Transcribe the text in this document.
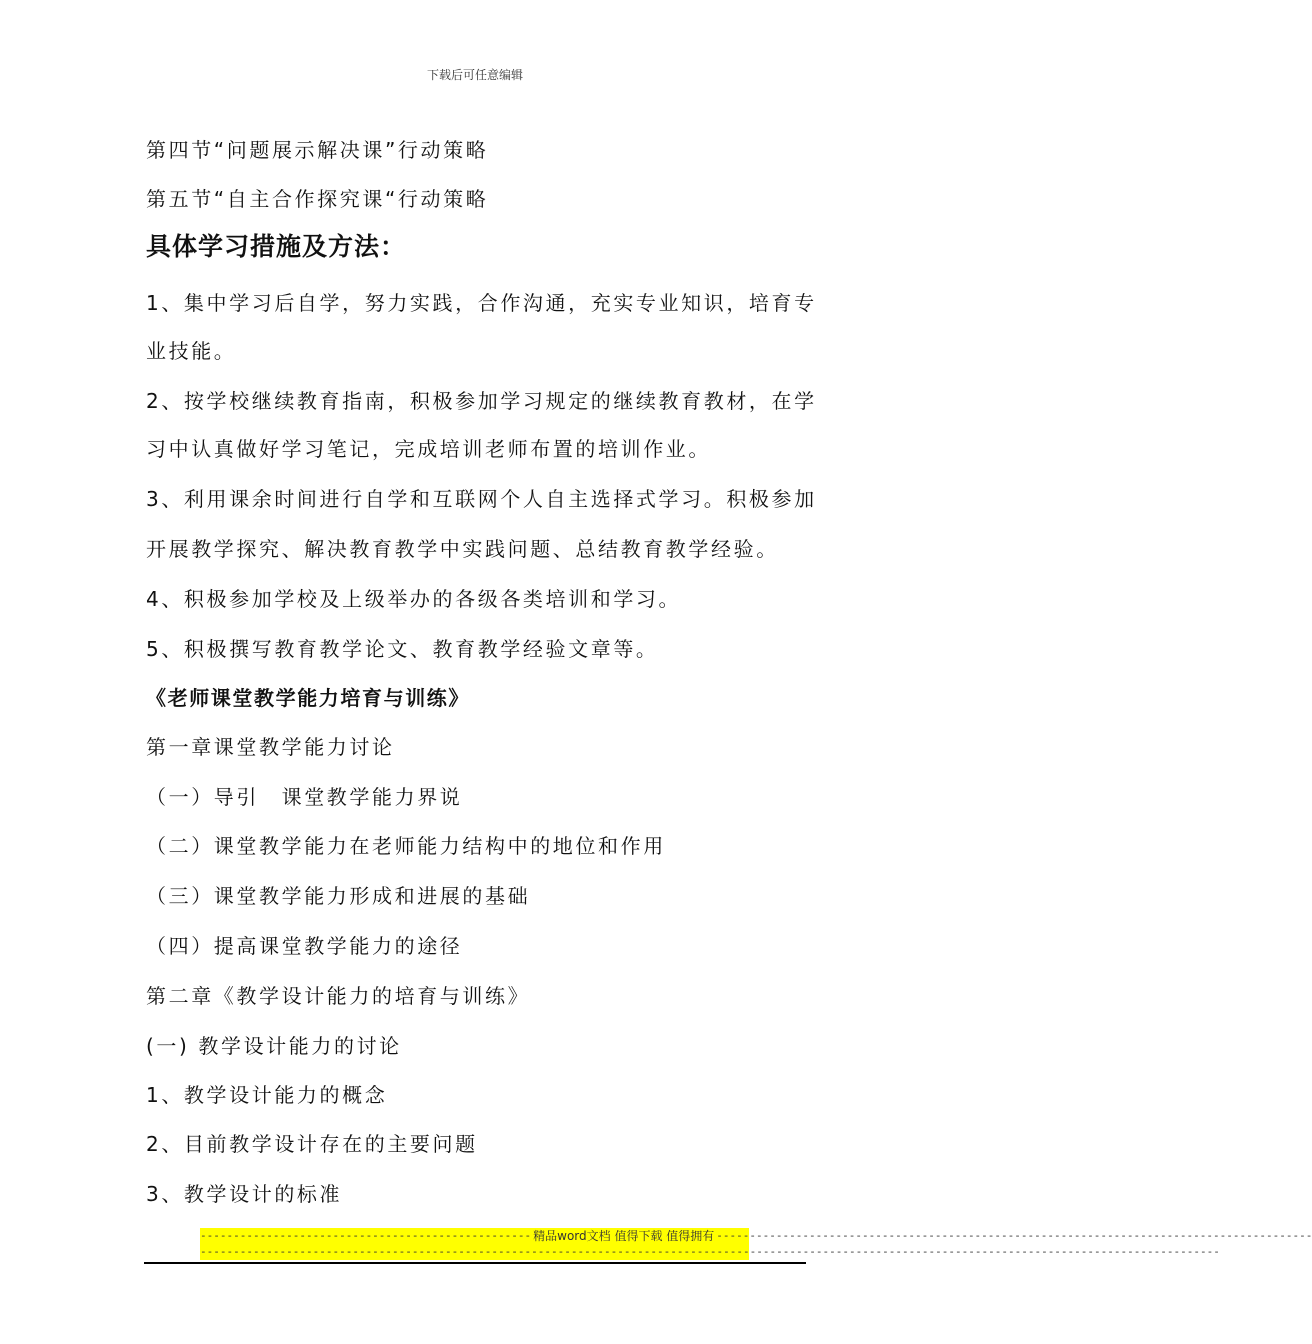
下载后可任意编辑
第四节“问题展示解决课”行动策略
第五节“自主合作探究课“行动策略
具体学习措施及方法：
1、集中学习后自学，努力实践，合作沟通，充实专业知识，培育专
业技能。
2、按学校继续教育指南，积极参加学习规定的继续教育教材，在学
习中认真做好学习笔记，完成培训老师布置的培训作业。
3、利用课余时间进行自学和互联网个人自主选择式学习。积极参加
开展教学探究、解决教育教学中实践问题、总结教育教学经验。
4、积极参加学校及上级举办的各级各类培训和学习。
5、积极撰写教育教学论文、教育教学经验文章等。
《老师课堂教学能力培育与训练》
第一章课堂教学能力讨论
（一）导引　课堂教学能力界说
（二）课堂教学能力在老师能力结构中的地位和作用
（三）课堂教学能力形成和进展的基础
（四）提高课堂教学能力的途径
第二章《教学设计能力的培育与训练》
(一) 教学设计能力的讨论
1、教学设计能力的概念
2、目前教学设计存在的主要问题
3、教学设计的标准
-------------------------------------------------- 精品word文档 值得下载 值得拥有 ------------------------------------------------------------------------------------------
----------------------------------------------------------------------------------------------------------------------------------------------------------
